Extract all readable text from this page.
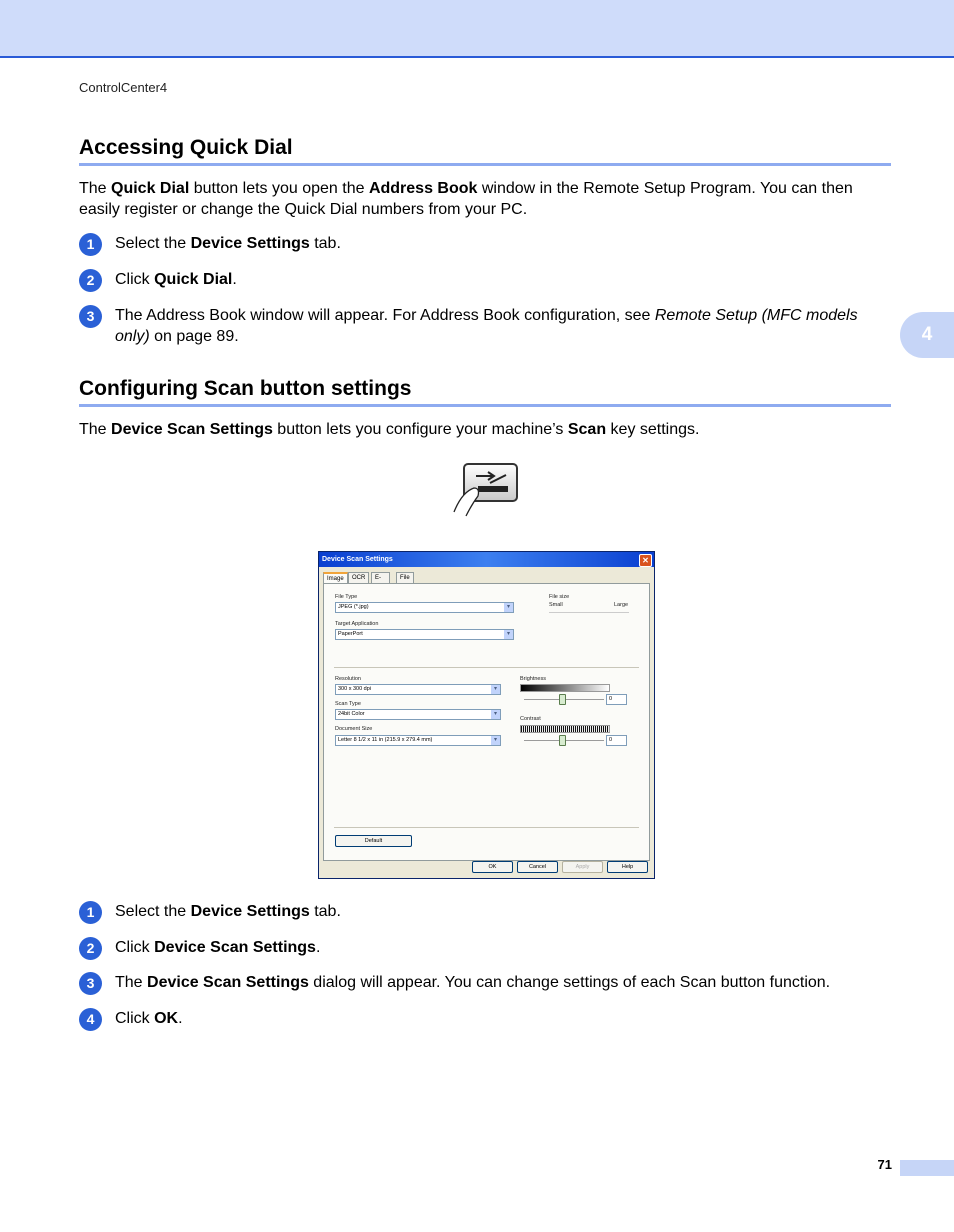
ControlCenter4
4
Accessing Quick Dial

The Quick Dial button lets you open the Address Book window in the Remote Setup Program. You can then easily register or change the Quick Dial numbers from your PC.

1	Select the Device Settings tab.
2	Click Quick Dial.
3	The Address Book window will appear. For Address Book configuration, see Remote Setup (MFC models only) on page 89.
Configuring Scan button settings

The Device Scan Settings button lets you configure your machine’s Scan key settings.

Device Scan Settings	✕
Image	OCR	E-	File
File Type
JPEG (*.jpg)	▾
Target Application
PaperPort	▾
File size
Small	Large
Resolution
300 x 300 dpi	▾
Scan Type
24bit Color	▾
Document Size
Letter 8 1/2 x 11 in (215.9 x 279.4 mm)	▾
Brightness
0
Contrast
0
Default
OK	Cancel	Apply	Help
1	Select the Device Settings tab.
2	Click Device Scan Settings.
3	The Device Scan Settings dialog will appear. You can change settings of each Scan button function.
4	Click OK.
71
